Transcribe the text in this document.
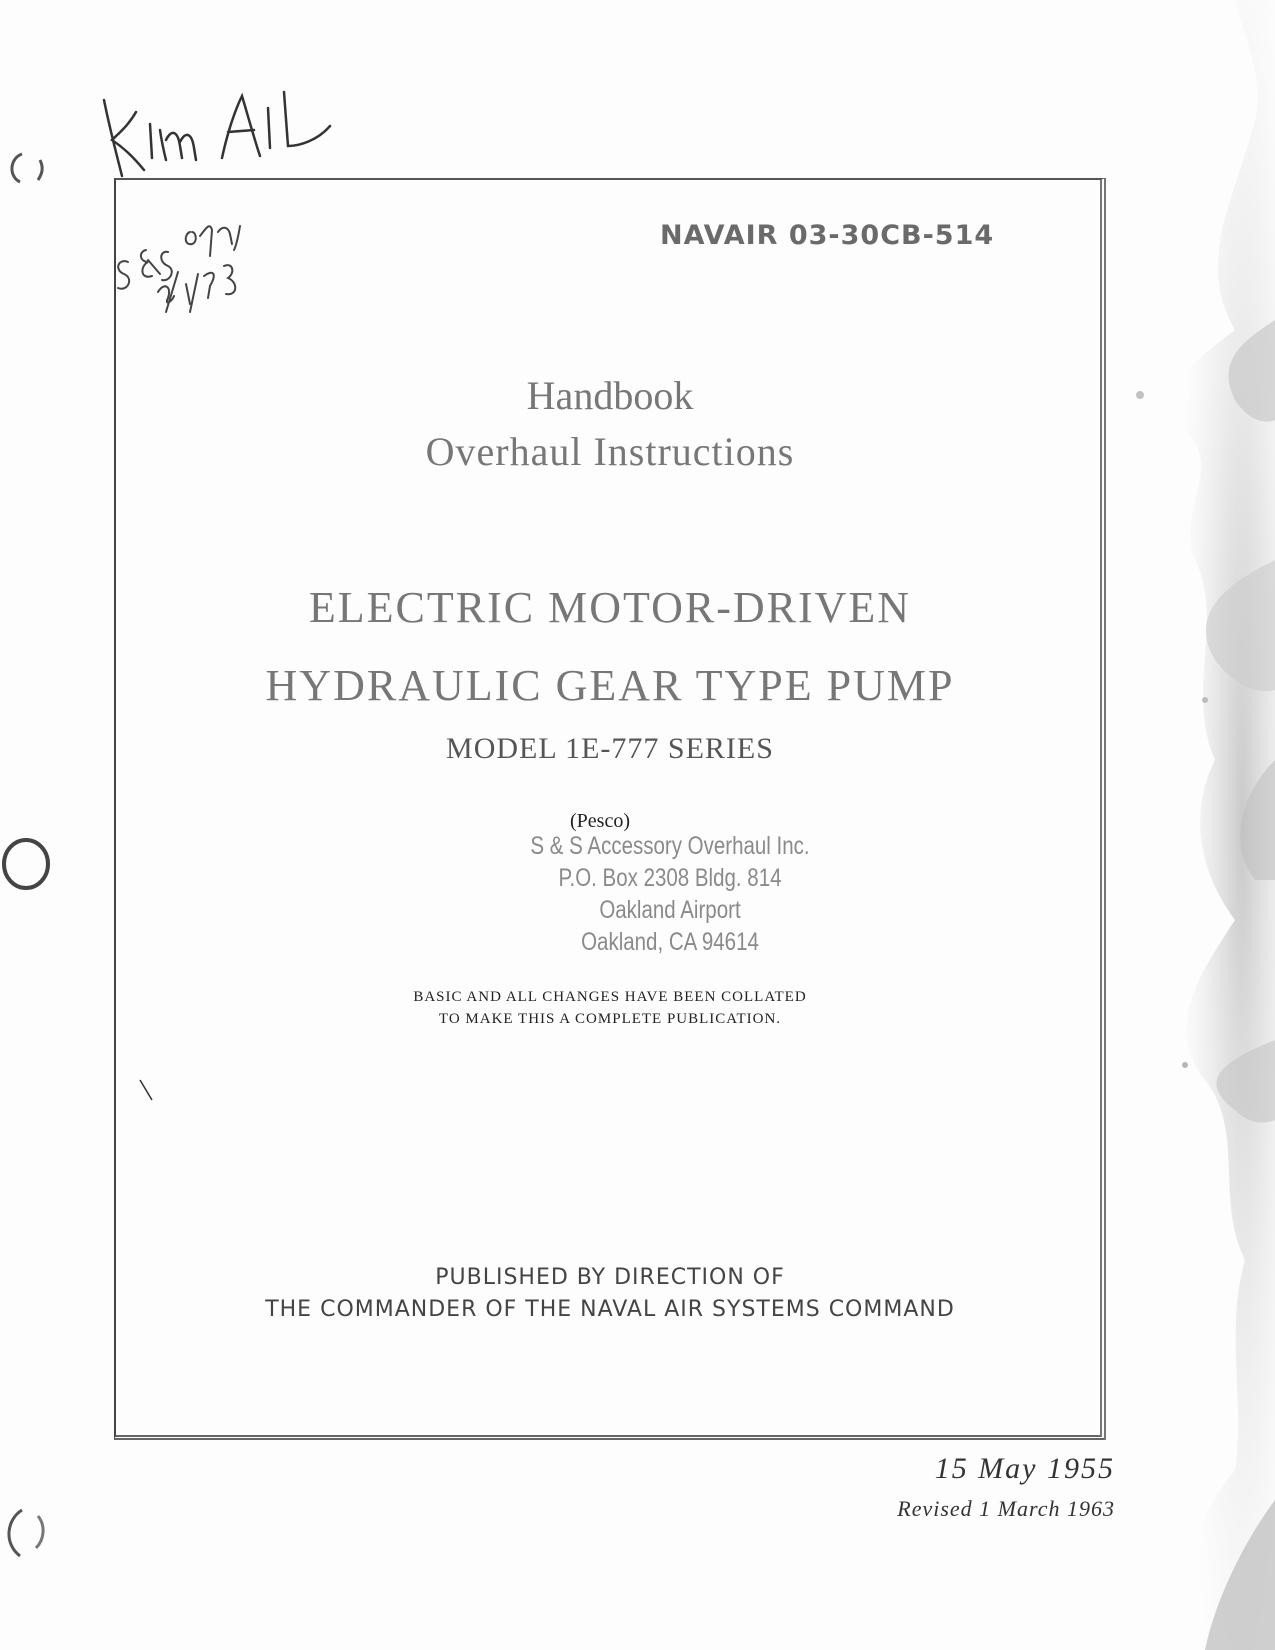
NAVAIR 03-30CB-514
Handbook
Overhaul Instructions
ELECTRIC MOTOR-DRIVEN
HYDRAULIC GEAR TYPE PUMP
MODEL 1E-777 SERIES
(Pesco)
S & S Accessory Overhaul Inc.
P.O. Box 2308 Bldg. 814
Oakland Airport
Oakland, CA 94614
BASIC AND ALL CHANGES HAVE BEEN COLLATED
TO MAKE THIS A COMPLETE PUBLICATION.
PUBLISHED BY DIRECTION OF
THE COMMANDER OF THE NAVAL AIR SYSTEMS COMMAND
15 May 1955
Revised 1 March 1963
